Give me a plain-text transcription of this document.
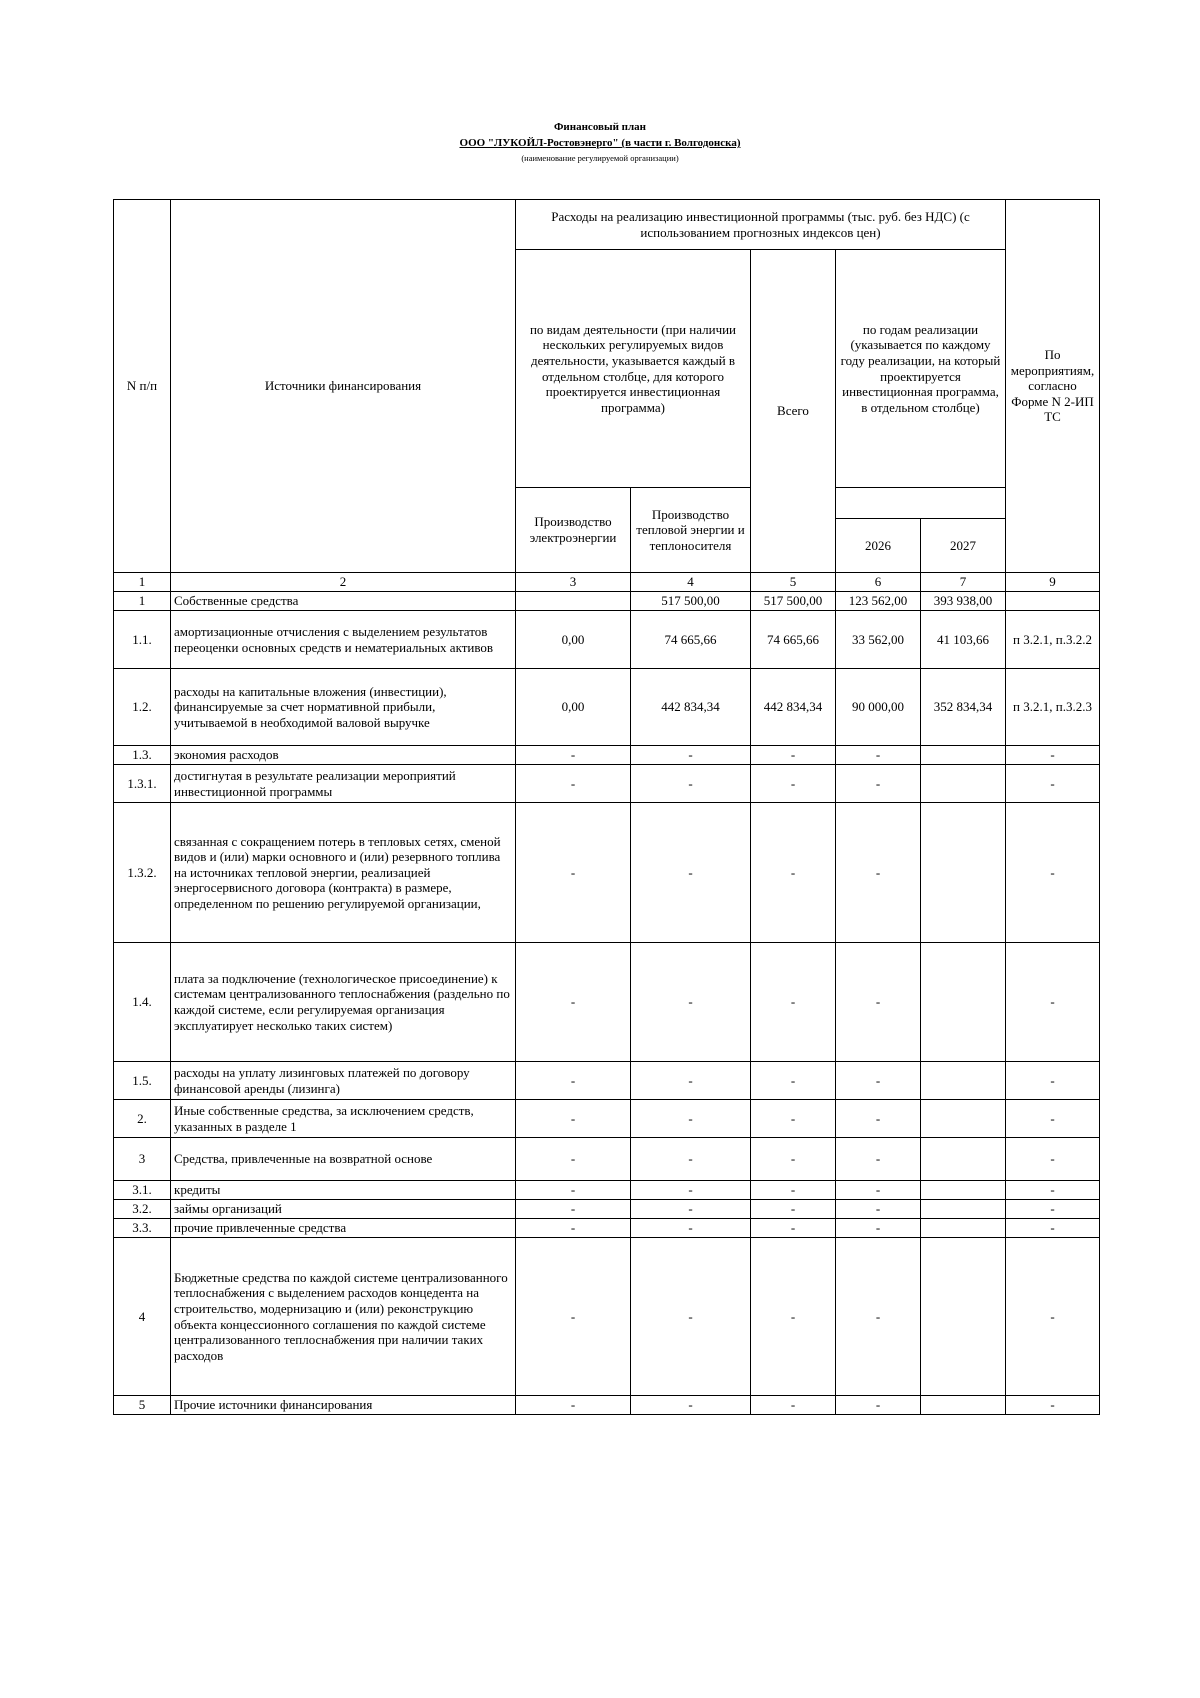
Финансовый план
ООО "ЛУКОЙЛ-Ростовэнерго" (в части г. Волгодонска)
(наименование регулируемой организации)
N п/п	Источники финансирования	Расходы на реализацию инвестиционной программы (тыс. руб. без НДС) (с использованием прогнозных индексов цен)					По мероприятиям, согласно Форме N 2-ИП ТС
		по видам деятельности (при наличии нескольких регулируемых видов деятельности, указывается каждый в отдельном столбце, для которого проектируется инвестиционная программа)		Всего	по годам реализации (указывается по каждому году реализации, на который проектируется инвестиционная программа, в отдельном столбце)		
		Производство электроэнергии	Производство тепловой энергии и теплоносителя				
					2026	2027	
1	2	3	4	5	6	7	9
1	Собственные средства		517 500,00	517 500,00	123 562,00	393 938,00	
1.1.	амортизационные отчисления с выделением результатов переоценки основных средств и нематериальных активов	0,00	74 665,66	74 665,66	33 562,00	41 103,66	п 3.2.1, п.3.2.2
1.2.	расходы на капитальные вложения (инвестиции), финансируемые за счет нормативной прибыли, учитываемой в необходимой валовой выручке	0,00	442 834,34	442 834,34	90 000,00	352 834,34	п 3.2.1, п.3.2.3
1.3.	экономия расходов	-	-	-	-		-
1.3.1.	достигнутая в результате реализации мероприятий инвестиционной программы	-	-	-	-		-
1.3.2.	связанная с сокращением потерь в тепловых сетях, сменой видов и (или) марки основного и (или) резервного топлива на источниках тепловой энергии, реализацией энергосервисного договора (контракта) в размере, определенном по решению регулируемой организации,	-	-	-	-		-
1.4.	плата за подключение (технологическое присоединение) к системам централизованного теплоснабжения (раздельно по каждой системе, если регулируемая организация эксплуатирует несколько таких систем)	-	-	-	-		-
1.5.	расходы на уплату лизинговых платежей по договору финансовой аренды (лизинга)	-	-	-	-		-
2.	Иные собственные средства, за исключением средств, указанных в разделе 1	-	-	-	-		-
3	Средства, привлеченные на возвратной основе	-	-	-	-		-
3.1.	кредиты	-	-	-	-		-
3.2.	займы организаций	-	-	-	-		-
3.3.	прочие привлеченные средства	-	-	-	-		-
4	Бюджетные средства по каждой системе централизованного теплоснабжения с выделением расходов концедента на строительство, модернизацию и (или) реконструкцию объекта концессионного соглашения по каждой системе централизованного теплоснабжения при наличии таких расходов	-	-	-	-		-
5	Прочие источники финансирования	-	-	-	-		-
